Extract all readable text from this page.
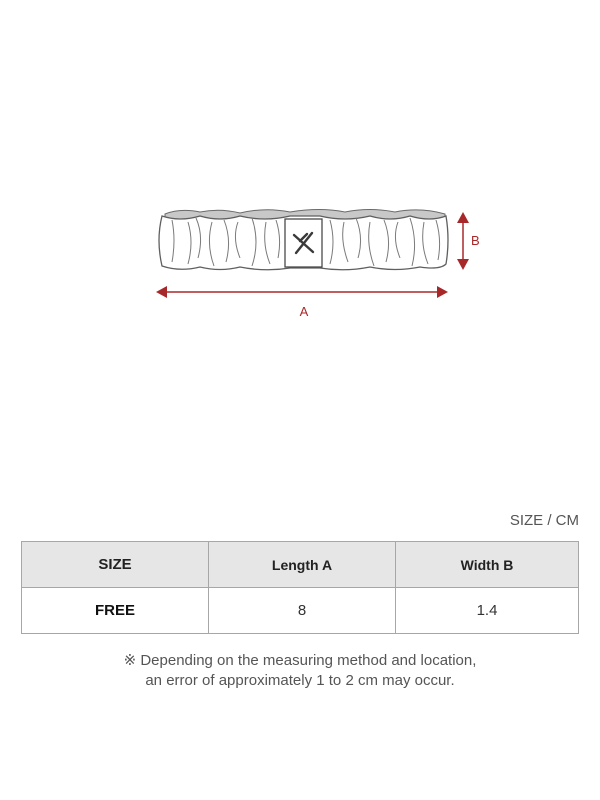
B
A
SIZE / CM
SIZE	Length A	Width B
FREE	8	1.4

※ Depending on the measuring method and location,

an error of approximately 1 to 2 cm may occur.
